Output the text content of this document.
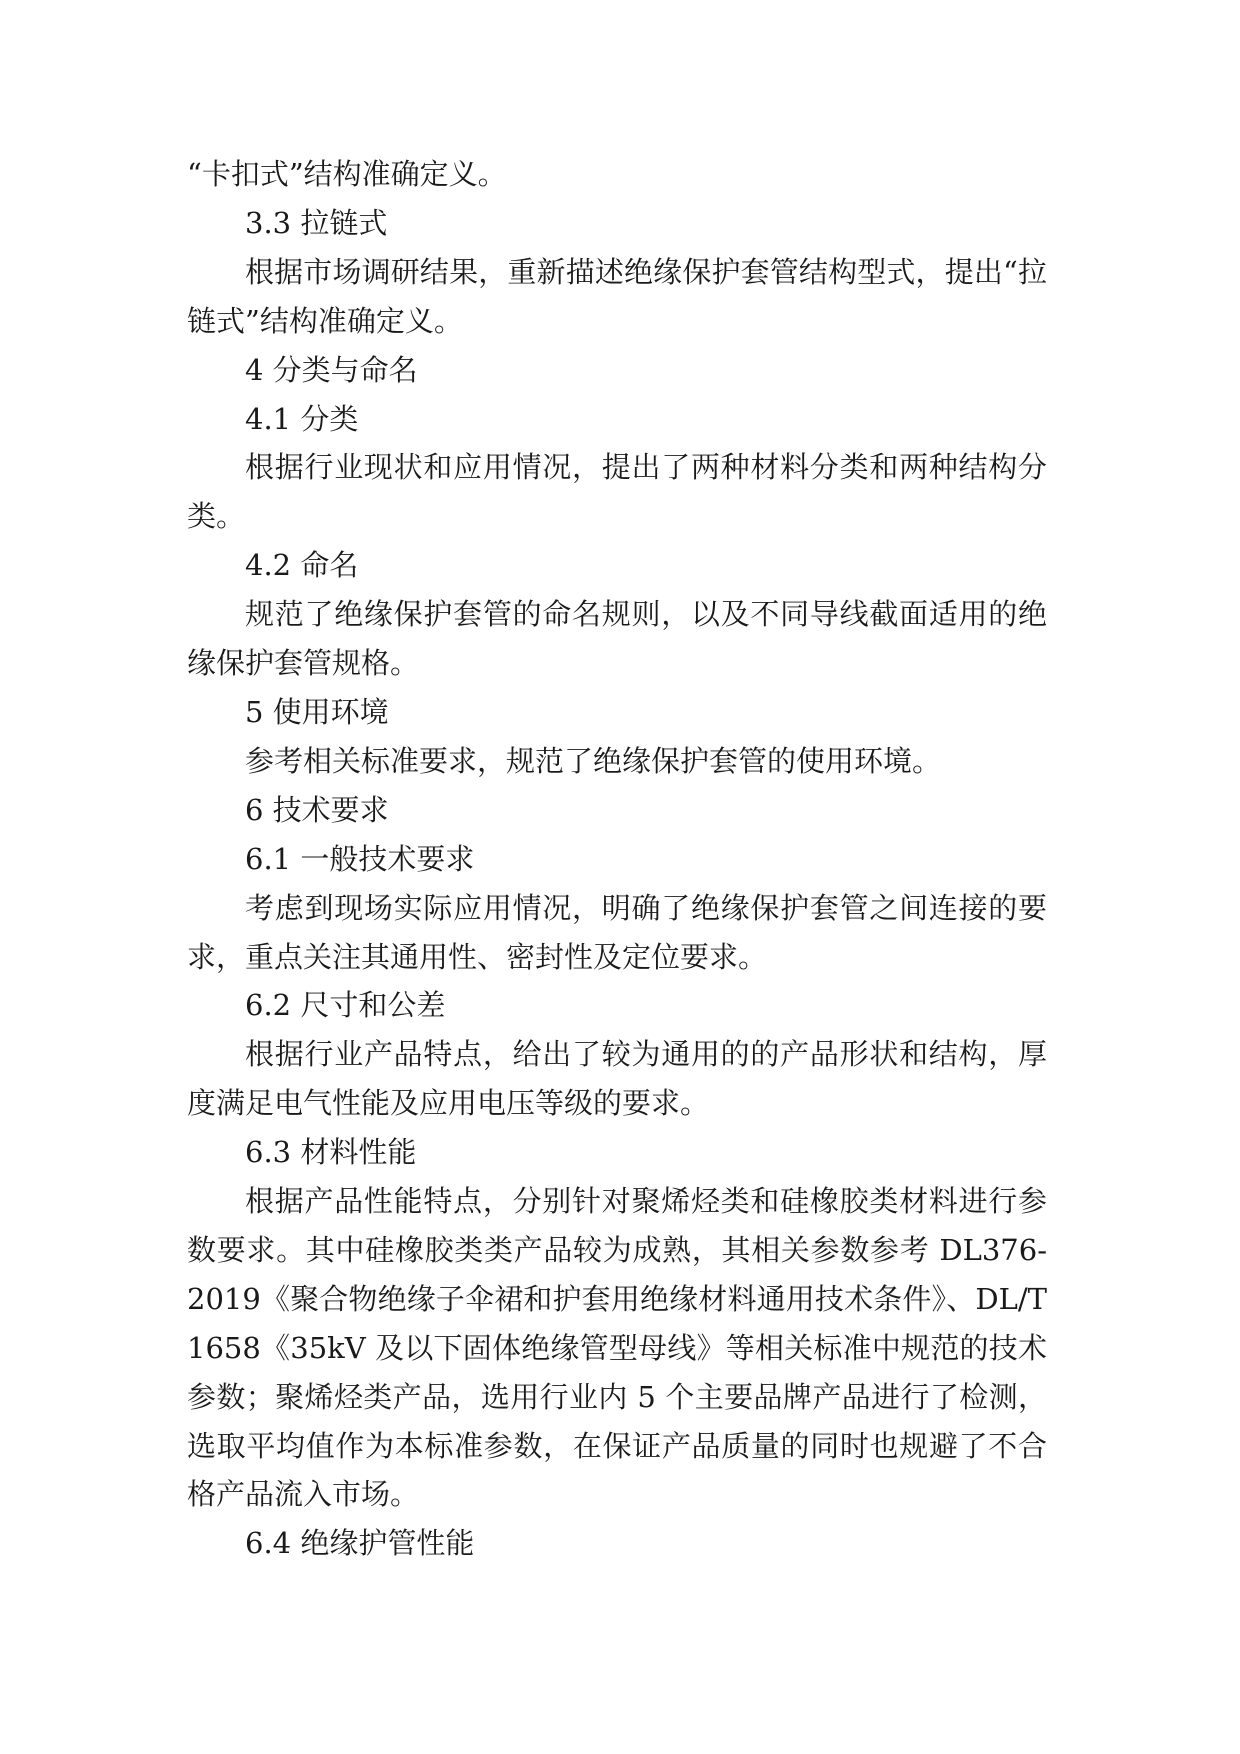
“卡扣式”结构准确定义。

3.3 拉链式

根据市场调研结果，重新描述绝缘保护套管结构型式，提出“拉链式”结构准确定义。

4 分类与命名

4.1 分类

根据行业现状和应用情况，提出了两种材料分类和两种结构分类。

4.2 命名

规范了绝缘保护套管的命名规则，以及不同导线截面适用的绝缘保护套管规格。

5 使用环境

参考相关标准要求，规范了绝缘保护套管的使用环境。

6 技术要求

6.1 一般技术要求

考虑到现场实际应用情况，明确了绝缘保护套管之间连接的要求，重点关注其通用性、密封性及定位要求。

6.2 尺寸和公差

根据行业产品特点，给出了较为通用的的产品形状和结构，厚度满足电气性能及应用电压等级的要求。

6.3 材料性能

根据产品性能特点，分别针对聚烯烃类和硅橡胶类材料进行参数要求。其中硅橡胶类类产品较为成熟，其相关参数参考 DL376-2019《聚合物绝缘子伞裙和护套用绝缘材料通用技术条件》、DL/T 1658《35kV 及以下固体绝缘管型母线》等相关标准中规范的技术参数；聚烯烃类产品，选用行业内 5 个主要品牌产品进行了检测，选取平均值作为本标准参数，在保证产品质量的同时也规避了不合格产品流入市场。

6.4 绝缘护管性能
